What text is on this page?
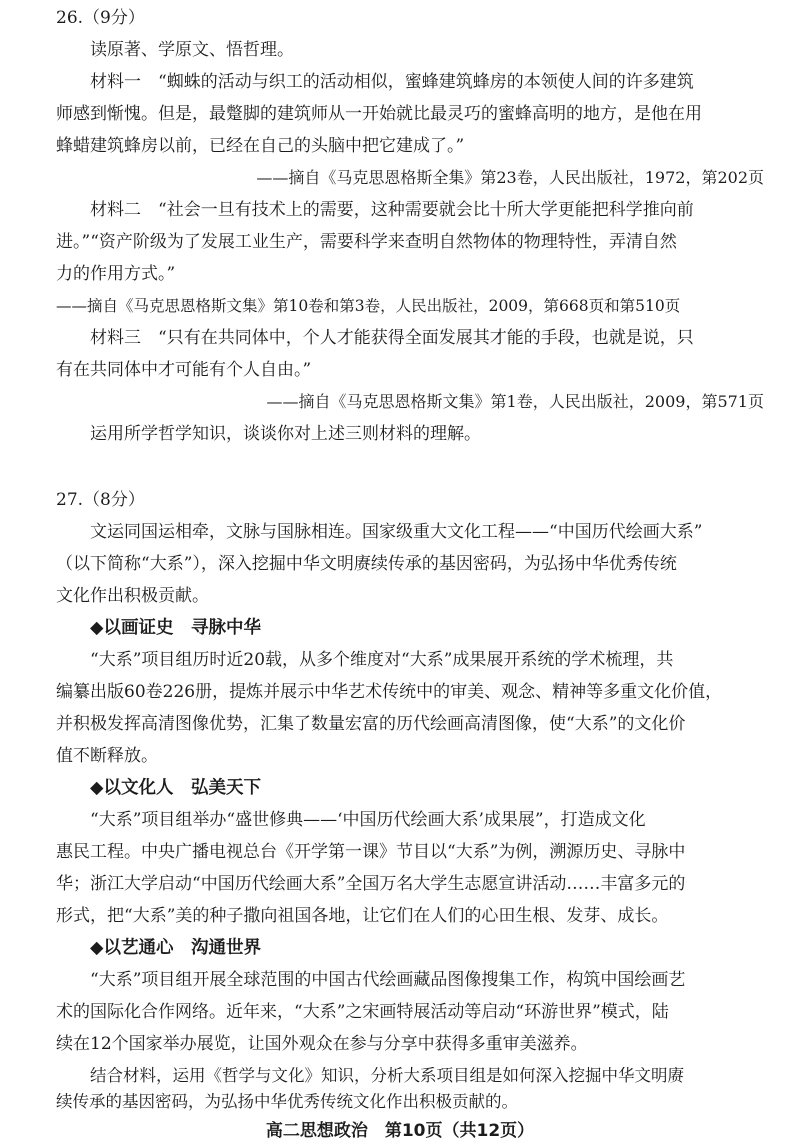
26.（9分）

读原著、学原文、悟哲理。

材料一　“蜘蛛的活动与织工的活动相似，蜜蜂建筑蜂房的本领使人间的许多建筑

师感到惭愧。但是，最蹩脚的建筑师从一开始就比最灵巧的蜜蜂高明的地方，是他在用

蜂蜡建筑蜂房以前，已经在自己的头脑中把它建成了。”

——摘自《马克思恩格斯全集》第23卷，人民出版社，1972，第202页

材料二　“社会一旦有技术上的需要，这种需要就会比十所大学更能把科学推向前

进。”“资产阶级为了发展工业生产，需要科学来查明自然物体的物理特性，弄清自然

力的作用方式。”

——摘自《马克思恩格斯文集》第10卷和第3卷，人民出版社，2009，第668页和第510页

材料三　“只有在共同体中，个人才能获得全面发展其才能的手段，也就是说，只

有在共同体中才可能有个人自由。”

——摘自《马克思恩格斯文集》第1卷，人民出版社，2009，第571页

运用所学哲学知识，谈谈你对上述三则材料的理解。

27.（8分）

文运同国运相牵，文脉与国脉相连。国家级重大文化工程——“中国历代绘画大系”

（以下简称“大系”），深入挖掘中华文明赓续传承的基因密码，为弘扬中华优秀传统

文化作出积极贡献。

◆以画证史　寻脉中华

“大系”项目组历时近20载，从多个维度对“大系”成果展开系统的学术梳理，共

编纂出版60卷226册，提炼并展示中华艺术传统中的审美、观念、精神等多重文化价值，

并积极发挥高清图像优势，汇集了数量宏富的历代绘画高清图像，使“大系”的文化价

值不断释放。

◆以文化人　弘美天下

“大系”项目组举办“盛世修典——‘中国历代绘画大系’成果展”，打造成文化

惠民工程。中央广播电视总台《开学第一课》节目以“大系”为例，溯源历史、寻脉中

华；浙江大学启动“中国历代绘画大系”全国万名大学生志愿宣讲活动……丰富多元的

形式，把“大系”美的种子撒向祖国各地，让它们在人们的心田生根、发芽、成长。

◆以艺通心　沟通世界

“大系”项目组开展全球范围的中国古代绘画藏品图像搜集工作，构筑中国绘画艺

术的国际化合作网络。近年来，“大系”之宋画特展活动等启动“环游世界”模式，陆

续在12个国家举办展览，让国外观众在参与分享中获得多重审美滋养。

结合材料，运用《哲学与文化》知识，分析大系项目组是如何深入挖掘中华文明赓

续传承的基因密码，为弘扬中华优秀传统文化作出积极贡献的。
高二思想政治　第10页（共12页）
